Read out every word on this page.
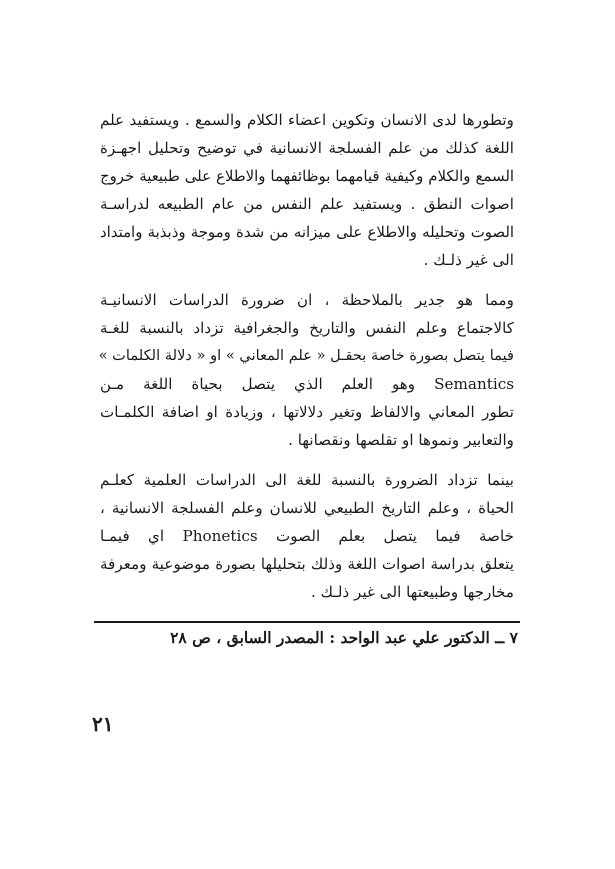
وتطورها لدى الانسان وتكوين اعضاء الكلام والسمع . ويستفيد علم
اللغة كذلك من علم الفسلجة الانسانية في توضيح وتحليل اجهـزة
السمع والكلام وكيفية قيامهما بوظائفهما والاطلاع على طبيعية خروج
اصوات النطق . ويستفيد علم النفس من عام الطبيعه لدراسـة
الصوت وتحليله والاطلاع على ميزانه من شدة وموجة وذبذبة وامتداد
الى غير ذلـك .
ومما هو جدير بالملاحظة ، ان ضرورة الدراسات الانسانيـة
كالاجتماع وعلم النفس والتاريخ والجغرافية تزداد بالنسبة للغـة
فيما يتصل بصورة خاصة بحقـل « علم المعاني » او « دلالة الكلمات »
Semantics وهو العلم الذي يتصل بحياة اللغة مـن
تطور المعاني والالفاظ وتغير دلالاتها ، وزيادة او اضافة الكلمـات
والتعابير ونموها او تقلصها ونقصانها .
بينما تزداد الضرورة بالنسبة للغة الى الدراسات العلمية كعلـم
الحياة ، وعلم التاريخ الطبيعي للانسان وعلم الفسلجة الانسانية ،
خاصة فيما يتصل بعلم الصوت Phonetics اي فيمـا
يتعلق بدراسة اصوات اللغة وذلك بتحليلها بصورة موضوعية ومعرفة
مخارجها وطبيعتها الى غير ذلـك .
٧ ــ الدكتور علي عبد الواحد : المصدر السابق ، ص ٢٨
٢١
